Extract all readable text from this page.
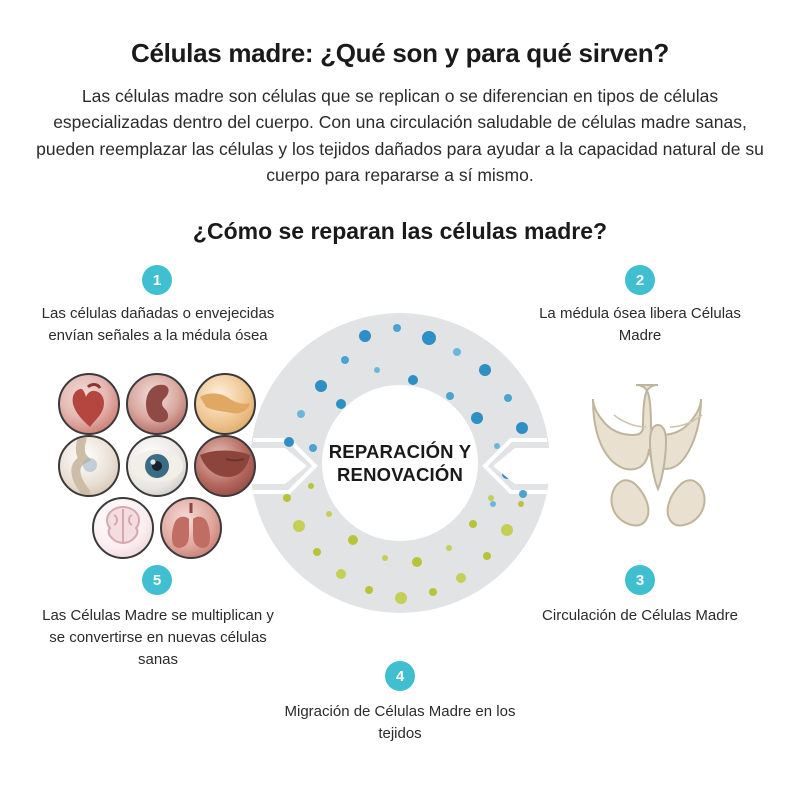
Células madre: ¿Qué son y para qué sirven?

Las células madre son células que se replican o se diferencian en tipos de células especializadas dentro del cuerpo. Con una circulación saludable de células madre sanas, pueden reemplazar las células y los tejidos dañados para ayudar a la capacidad natural de su cuerpo para repararse a sí mismo.

¿Cómo se reparan las células madre?
REPARACIÓN Y
RENOVACIÓN
1
Las células dañadas o envejecidas envían señales a la médula ósea
2
La médula ósea libera Células Madre
3
Circulación de Células Madre
4
Migración de Células Madre en los tejidos
5
Las Células Madre se multiplican y se convertirse en nuevas células sanas
